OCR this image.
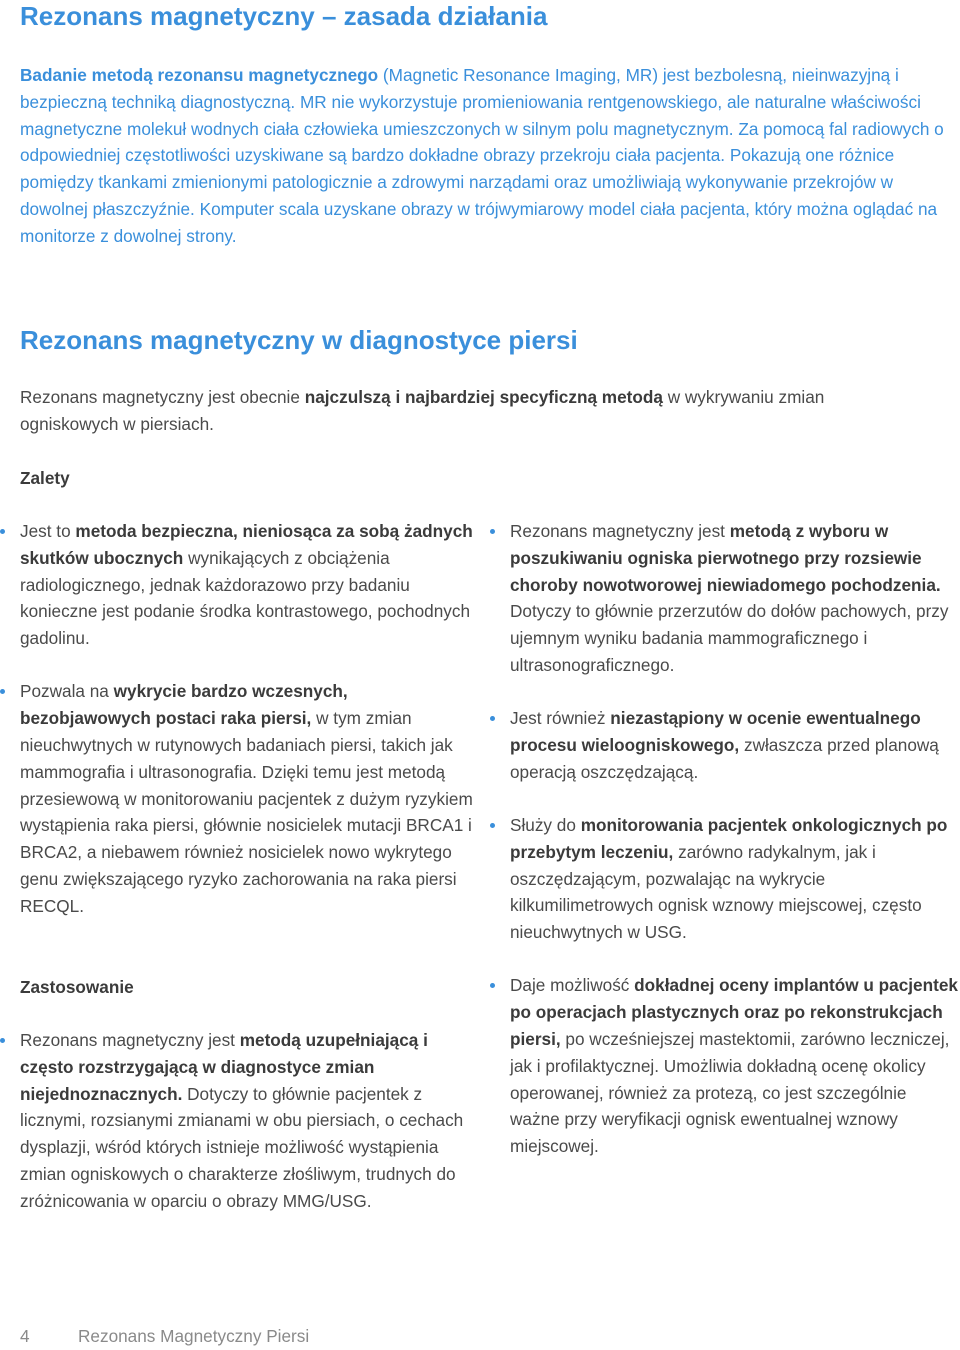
Rezonans magnetyczny – zasada działania

Badanie metodą rezonansu magnetycznego (Magnetic Resonance Imaging, MR) jest bezbolesną, nieinwazyjną i bezpieczną techniką diagnostyczną. MR nie wykorzystuje promieniowania rentgenowskiego, ale naturalne właściwości magnetyczne molekuł wodnych ciała człowieka umieszczonych w silnym polu magnetycznym. Za pomocą fal radiowych o odpowiedniej częstotliwości uzyskiwane są bardzo dokładne obrazy przekroju ciała pacjenta. Pokazują one różnice pomiędzy tkankami zmienionymi patologicznie a zdrowymi narządami oraz umożliwiają wykonywanie przekrojów w dowolnej płaszczyźnie. Komputer scala uzyskane obrazy w trójwymiarowy model ciała pacjenta, który można oglądać na monitorze z dowolnej strony.

Rezonans magnetyczny w diagnostyce piersi

Rezonans magnetyczny jest obecnie najczulszą i najbardziej specyficzną metodą w wykrywaniu zmian ogniskowych w piersiach.

Zalety
Jest to metoda bezpieczna, nieniosąca za sobą żadnych skutków ubocznych wynikających z obciążenia radiologicznego, jednak każdorazowo przy badaniu konieczne jest podanie środka kontrastowego, pochodnych gadolinu.
Pozwala na wykrycie bardzo wczesnych, bezobjawowych postaci raka piersi, w tym zmian nieuchwytnych w rutynowych badaniach piersi, takich jak mammografia i ultrasonografia. Dzięki temu jest metodą przesiewową w monitorowaniu pacjentek z dużym ryzykiem wystąpienia raka piersi, głównie nosicielek mutacji BRCA1 i BRCA2, a niebawem również nosicielek nowo wykrytego genu zwiększającego ryzyko zachorowania na raka piersi RECQL.
Zastosowanie
Rezonans magnetyczny jest metodą uzupełniającą i często rozstrzygającą w diagnostyce zmian niejednoznacznych. Dotyczy to głównie pacjentek z licznymi, rozsianymi zmianami w obu piersiach, o cechach dysplazji, wśród których istnieje możliwość wystąpienia zmian ogniskowych o charakterze złośliwym, trudnych do zróżnicowania w oparciu o obrazy MMG/USG.
Rezonans magnetyczny jest metodą z wyboru w poszukiwaniu ogniska pierwotnego przy rozsiewie choroby nowotworowej niewiadomego pochodzenia. Dotyczy to głównie przerzutów do dołów pachowych, przy ujemnym wyniku badania mammograficznego i ultrasonograficznego.
Jest również niezastąpiony w ocenie ewentualnego procesu wieloogniskowego, zwłaszcza przed planową operacją oszczędzającą.
Służy do monitorowania pacjentek onkologicznych po przebytym leczeniu, zarówno radykalnym, jak i oszczędzającym, pozwalając na wykrycie kilkumilimetrowych ognisk wznowy miejscowej, często nieuchwytnych w USG.
Daje możliwość dokładnej oceny implantów u pacjentek po operacjach plastycznych oraz po rekonstrukcjach piersi, po wcześniejszej mastektomii, zarówno leczniczej, jak i profilaktycznej. Umożliwia dokładną ocenę okolicy operowanej, również za protezą, co jest szczególnie ważne przy weryfikacji ognisk ewentualnej wznowy miejscowej.
4	Rezonans Magnetyczny Piersi
